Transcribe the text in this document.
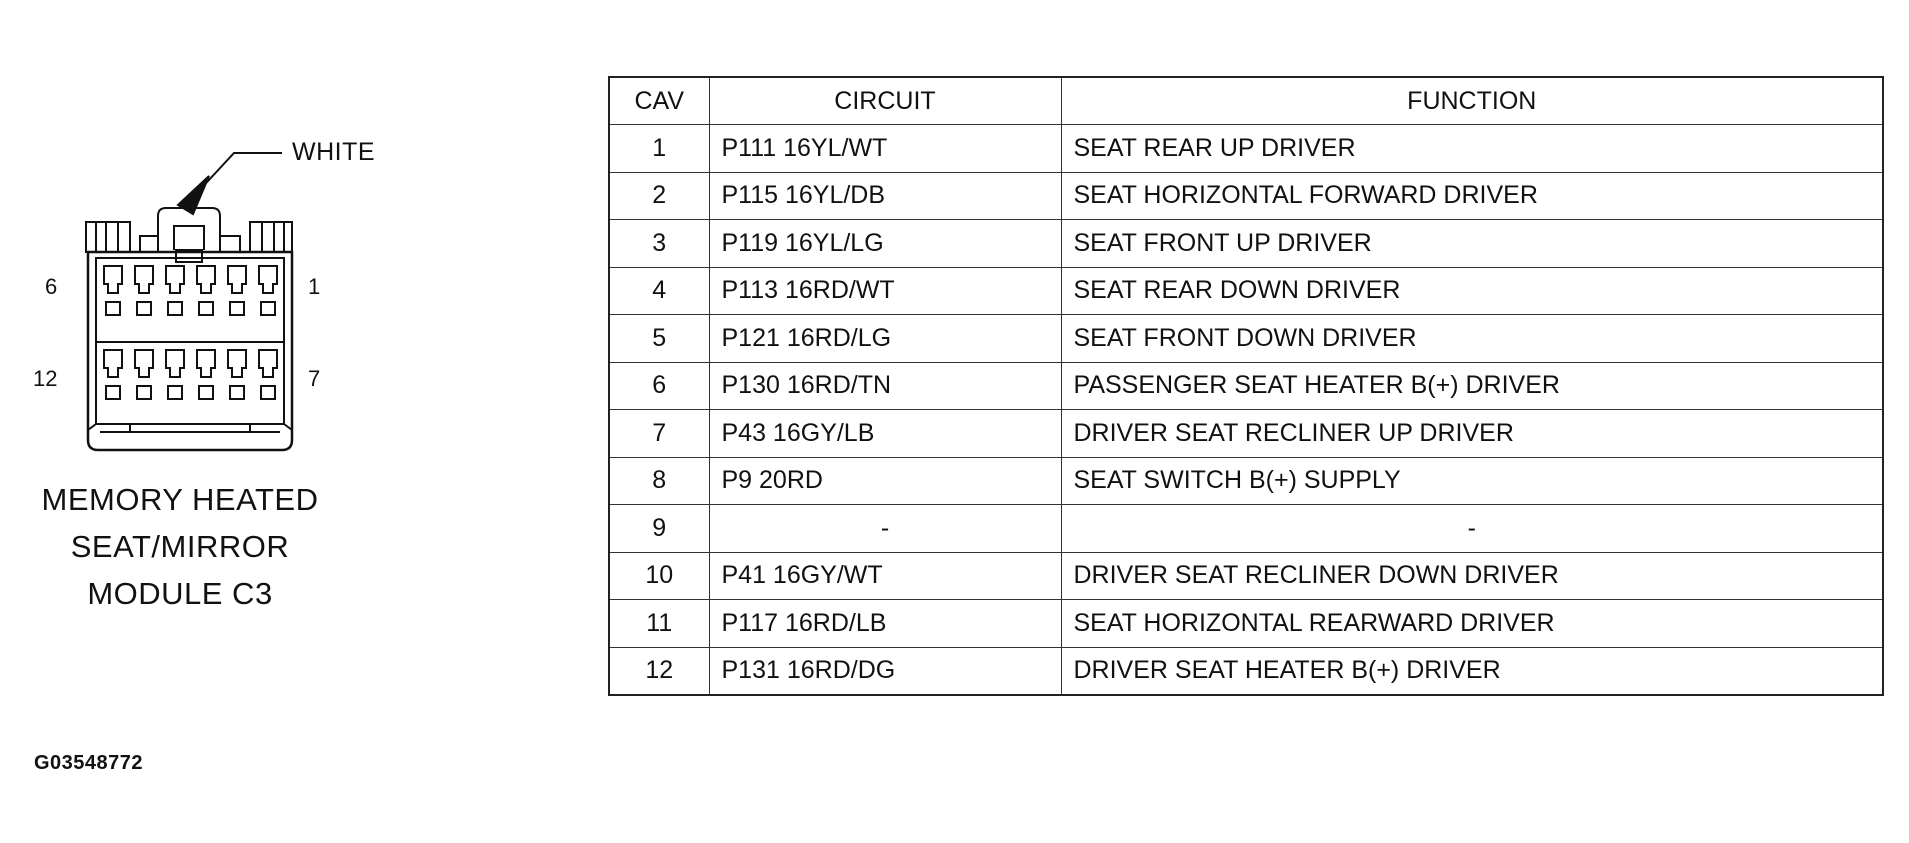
WHITE
6	1
12	7
MEMORY HEATED
SEAT/MIRROR
MODULE C3
CAV	CIRCUIT	FUNCTION
1	P111 16YL/WT	SEAT REAR UP DRIVER
2	P115 16YL/DB	SEAT HORIZONTAL FORWARD DRIVER
3	P119 16YL/LG	SEAT FRONT UP DRIVER
4	P113 16RD/WT	SEAT REAR DOWN DRIVER
5	P121 16RD/LG	SEAT FRONT DOWN DRIVER
6	P130 16RD/TN	PASSENGER SEAT HEATER B(+) DRIVER
7	P43 16GY/LB	DRIVER SEAT RECLINER UP DRIVER
8	P9 20RD	SEAT SWITCH B(+) SUPPLY
9	-	-
10	P41 16GY/WT	DRIVER SEAT RECLINER DOWN DRIVER
11	P117 16RD/LB	SEAT HORIZONTAL REARWARD DRIVER
12	P131 16RD/DG	DRIVER SEAT HEATER B(+) DRIVER
G03548772
